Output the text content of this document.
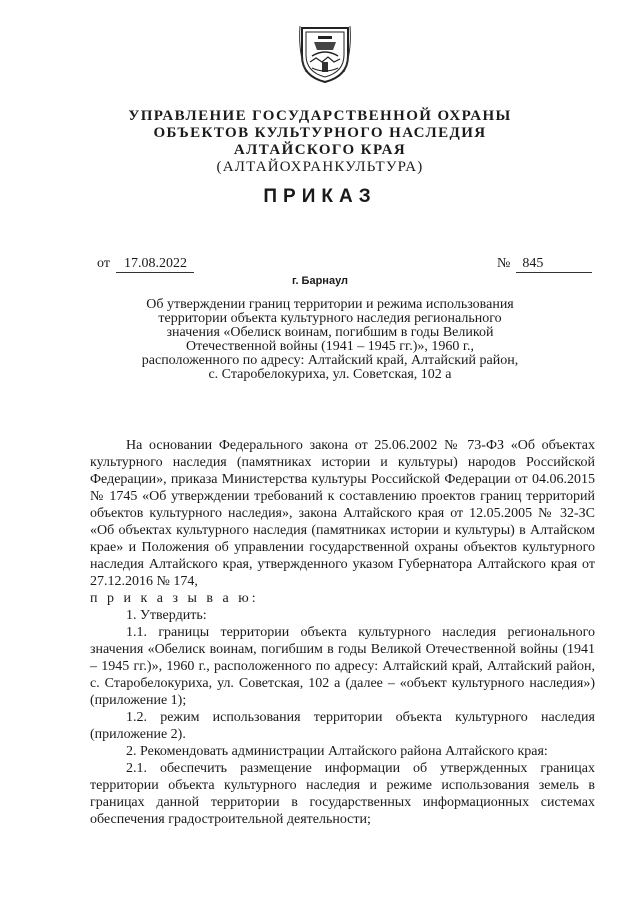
УПРАВЛЕНИЕ ГОСУДАРСТВЕННОЙ ОХРАНЫ
ОБЪЕКТОВ КУЛЬТУРНОГО НАСЛЕДИЯ
АЛТАЙСКОГО КРАЯ
(АЛТАЙОХРАНКУЛЬТУРА)
ПРИКАЗ
от 17.08.2022	№ 845
г. Барнаул
Об утверждении границ территории и режима использования
территории объекта культурного наследия регионального
значения «Обелиск воинам, погибшим в годы Великой
Отечественной войны (1941 – 1945 гг.)», 1960 г.,
расположенного по адресу: Алтайский край, Алтайский район,
с. Старобелокуриха, ул. Советская, 102 а

На основании Федерального закона от 25.06.2002 № 73-ФЗ «Об объектах культурного наследия (памятниках истории и культуры) народов Российской Федерации», приказа Министерства культуры Российской Федерации от 04.06.2015 № 1745 «Об утверждении требований к составлению проектов границ территорий объектов культурного наследия», закона Алтайского края от 12.05.2005 № 32-ЗС «Об объектах культурного наследия (памятниках истории и культуры) в Алтайском крае» и Положения об управлении государственной охраны объектов культурного наследия Алтайского края, утвержденного указом Губернатора Алтайского края от 27.12.2016 № 174,

п р и к а з ы в а ю:

1. Утвердить:

1.1. границы территории объекта культурного наследия регионального значения «Обелиск воинам, погибшим в годы Великой Отечественной войны (1941 – 1945 гг.)», 1960 г., расположенного по адресу: Алтайский край, Алтайский район, с. Старобелокуриха, ул. Советская, 102 а (далее – «объект культурного наследия») (приложение 1);

1.2. режим использования территории объекта культурного наследия (приложение 2).

2. Рекомендовать администрации Алтайского района Алтайского края:

2.1. обеспечить размещение информации об утвержденных границах территории объекта культурного наследия и режиме использования земель в границах данной территории в государственных информационных системах обеспечения градостроительной деятельности;
